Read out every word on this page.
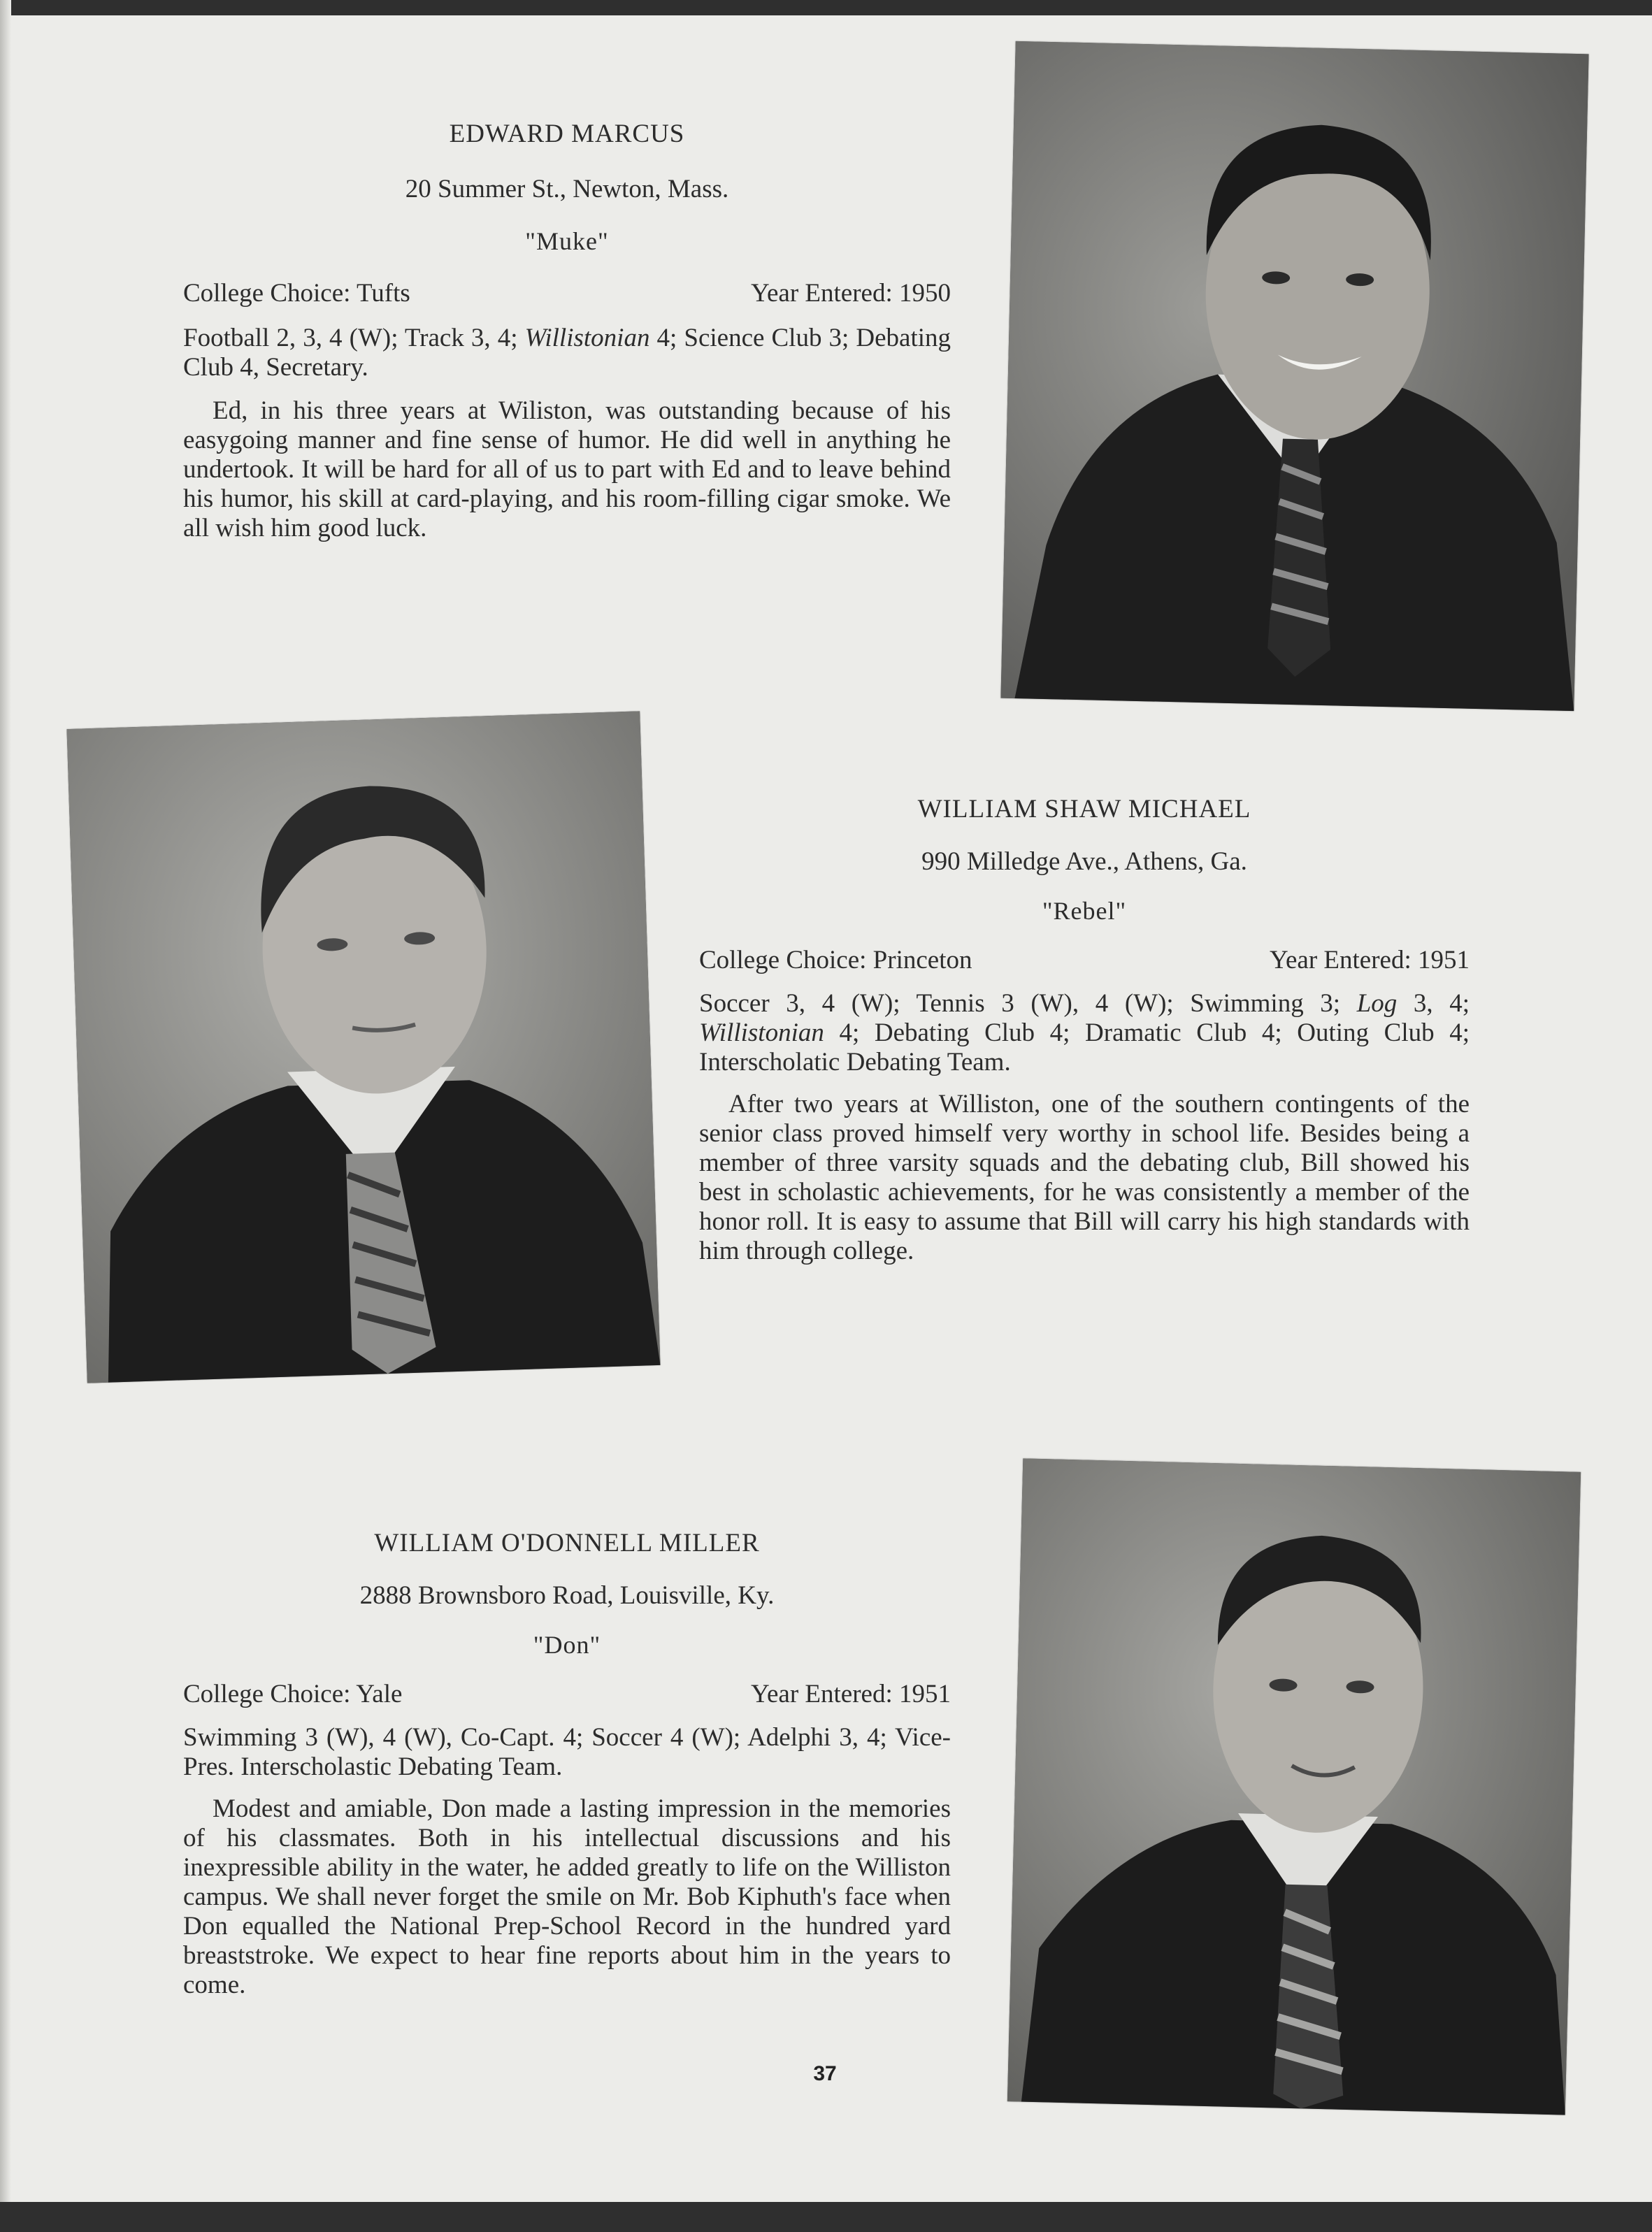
EDWARD MARCUS

20 Summer St., Newton, Mass.

"Muke"

College Choice: Tufts	Year Entered: 1950

Football 2, 3, 4 (W); Track 3, 4; Willistonian 4; Science Club 3; Debating Club 4, Secretary.

Ed, in his three years at Wiliston, was outstanding because of his easygoing manner and fine sense of humor. He did well in anything he undertook. It will be hard for all of us to part with Ed and to leave behind his humor, his skill at card-playing, and his room-filling cigar smoke. We all wish him good luck.

WILLIAM SHAW MICHAEL

990 Milledge Ave., Athens, Ga.

"Rebel"

College Choice: Princeton	Year Entered: 1951

Soccer 3, 4 (W); Tennis 3 (W), 4 (W); Swimming 3; Log 3, 4; Willistonian 4; Debating Club 4; Dramatic Club 4; Outing Club 4; Interscholatic Debating Team.

After two years at Williston, one of the southern contingents of the senior class proved himself very worthy in school life. Besides being a member of three varsity squads and the debating club, Bill showed his best in scholastic achievements, for he was consistently a member of the honor roll. It is easy to assume that Bill will carry his high standards with him through college.

WILLIAM O'DONNELL MILLER

2888 Brownsboro Road, Louisville, Ky.

"Don"

College Choice: Yale	Year Entered: 1951

Swimming 3 (W), 4 (W), Co-Capt. 4; Soccer 4 (W); Adelphi 3, 4; Vice-Pres. Interscholastic Debating Team.

Modest and amiable, Don made a lasting impression in the memories of his classmates. Both in his intellectual discussions and his inexpressible ability in the water, he added greatly to life on the Williston campus. We shall never forget the smile on Mr. Bob Kiphuth's face when Don equalled the National Prep-School Record in the hundred yard breaststroke. We expect to hear fine reports about him in the years to come.

37
